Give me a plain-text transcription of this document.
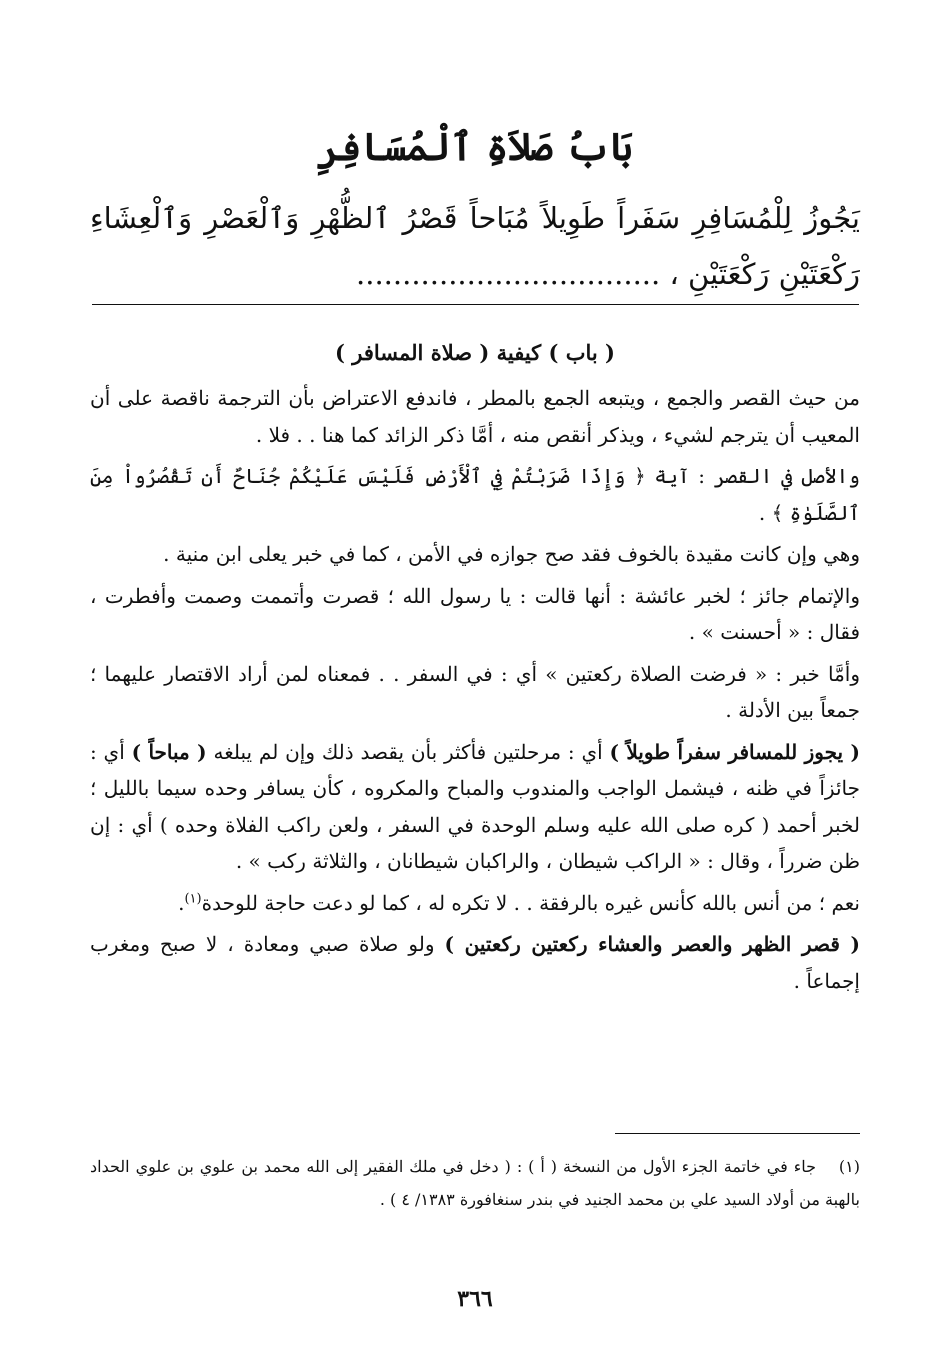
بَابُ صَلاَةِ ٱلْمُسَافِرِ
يَجُوزُ لِلْمُسَافِرِ سَفَراً طَوِيلاً مُبَاحاً قَصْرُ ٱلظُّهْرِ وَٱلْعَصْرِ وَٱلْعِشَاءِ رَكْعَتَيْنِ رَكْعَتَيْنِ ، .................................
( باب ) كيفية ( صلاة المسافر )

من حيث القصر والجمع ، ويتبعه الجمع بالمطر ، فاندفع الاعتراض بأن الترجمة ناقصة على أن المعيب أن يترجم لشيء ، ويذكر أنقص منه ، أمَّا ذكر الزائد كما هنا . . فلا .

والأصل في القصر : آية ﴿ وَإِذَا ضَرَبْتُمْ فِي ٱلْأَرْضِ فَلَيْسَ عَلَيْكُمْ جُنَاحٌ أَن تَقْصُرُواْ مِنَ ٱلصَّلَوٰةِ ﴾ .

وهي وإن كانت مقيدة بالخوف فقد صح جوازه في الأمن ، كما في خبر يعلى ابن منية .

والإتمام جائز ؛ لخبر عائشة : أنها قالت : يا رسول الله ؛ قصرت وأتممت وصمت وأفطرت ، فقال : « أحسنت » .

وأمَّا خبر : « فرضت الصلاة ركعتين » أي : في السفر . . فمعناه لمن أراد الاقتصار عليهما ؛ جمعاً بين الأدلة .

( يجوز للمسافر سفراً طويلاً ) أي : مرحلتين فأكثر بأن يقصد ذلك وإن لم يبلغه ( مباحاً ) أي : جائزاً في ظنه ، فيشمل الواجب والمندوب والمباح والمكروه ، كأن يسافر وحده سيما بالليل ؛ لخبر أحمد ( كره صلى الله عليه وسلم الوحدة في السفر ، ولعن راكب الفلاة وحده ) أي : إن ظن ضرراً ، وقال : « الراكب شيطان ، والراكبان شيطانان ، والثلاثة ركب » .

نعم ؛ من أنس بالله كأنس غيره بالرفقة . . لا تكره له ، كما لو دعت حاجة للوحدة$^{(١)}$.

( قصر الظهر والعصر والعشاء ركعتين ركعتين ) ولو صلاة صبي ومعادة ، لا صبح ومغرب إجماعاً .

(١)جاء في خاتمة الجزء الأول من النسخة ( أ ) : ( دخل في ملك الفقير إلى الله محمد بن علوي بن علوي الحداد بالهبة من أولاد السيد علي بن محمد الجنيد في بندر سنغافورة ١٣٨٣/ ٤ ) .
٣٦٦
